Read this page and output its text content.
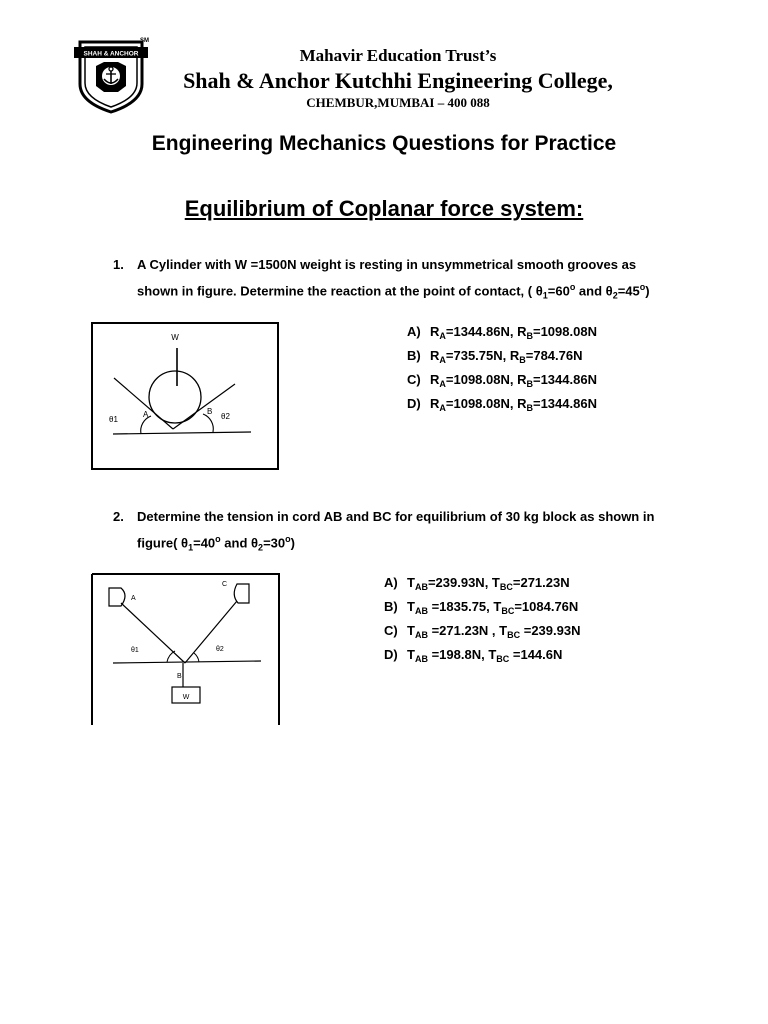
SHAH & ANCHOR
SM
Mahavir Education Trust’s
Shah & Anchor Kutchhi Engineering College,
CHEMBUR,MUMBAI – 400 088
Engineering Mechanics Questions for Practice
Equilibrium of Coplanar force system:
1. A Cylinder with W =1500N weight is resting in unsymmetrical smooth grooves as
shown in figure. Determine the reaction at the point of contact, ( $\theta_1=60^o$ and $\theta_2=45^o$)
W
A	B
θ1	θ2
A) $R_A=1344.86N$, $R_B=1098.08N$
B) $R_A=735.75N$, $R_B=784.76N$
C) $R_A=1098.08N$, $R_B=1344.86N$
D) $R_A=1098.08N$, $R_B=1344.86N$
2. Determine the tension in cord AB and BC for equilibrium of 30 kg block as shown in
figure( $\theta_1=40^o$ and $\theta_2=30^o$)
A
C
B
W
θ1	θ2
A) $T_{AB}=239.93N$, $T_{BC}=271.23N$
B) $T_{AB} =1835.75$, $T_{BC}=1084.76N$
C) $T_{AB} =271.23N$ , $T_{BC} =239.93N$
D) $T_{AB} =198.8N$, $T_{BC} =144.6N$
